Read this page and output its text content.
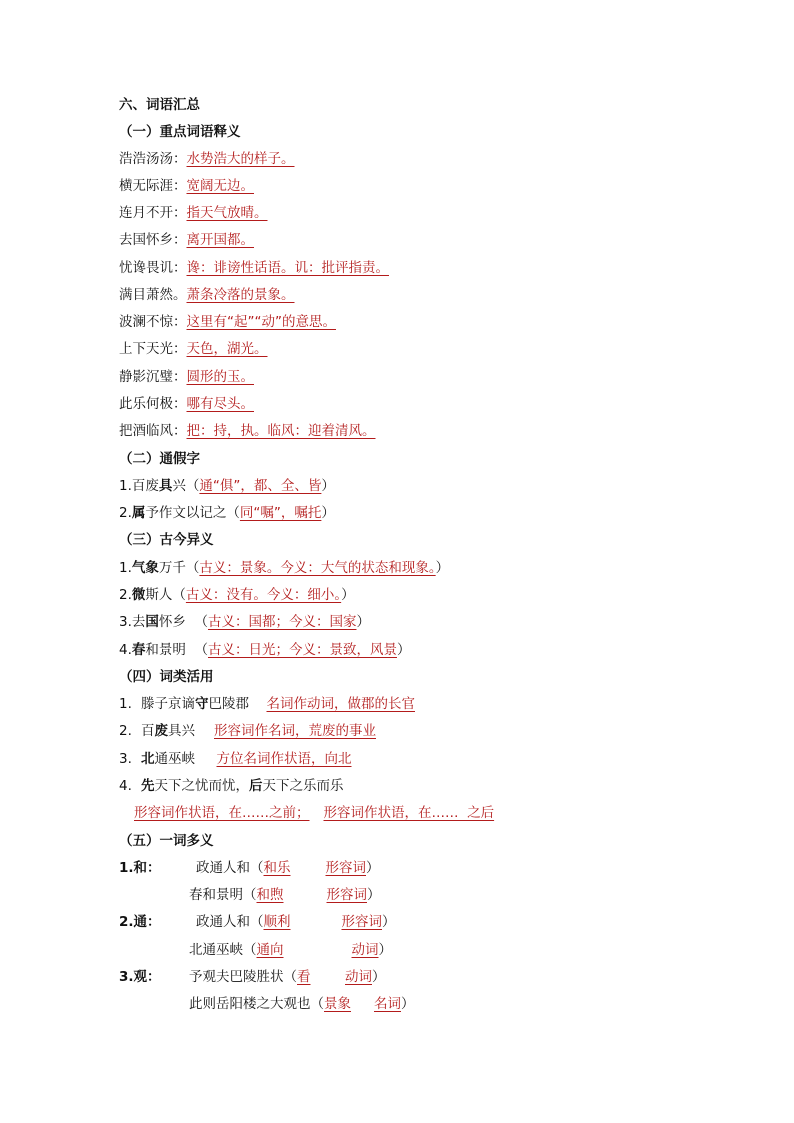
六、词语汇总
（一）重点词语释义
浩浩汤汤：水势浩大的样子。
横无际涯：宽阔无边。
连月不开：指天气放晴。
去国怀乡：离开国都。
忧谗畏讥：谗：诽谤性话语。讥：批评指责。
满目萧然。萧条冷落的景象。
波澜不惊：这里有“起”“动”的意思。
上下天光：天色，湖光。
静影沉璧：圆形的玉。
此乐何极：哪有尽头。
把酒临风：把：持，执。临风：迎着清风。
（二）通假字
1.百废具兴（通“俱”，都、全、皆）
2.属予作文以记之（同“嘱”，嘱托）
（三）古今异义
1.气象万千（古义：景象。今义：大气的状态和现象。）
2.微斯人（古义：没有。今义：细小。）
3.去国怀乡  （古义：国都；今义：国家）
4.春和景明  （古义：日光；今义：景致，风景）
（四）词类活用
1. 滕子京谪守巴陵郡 名词作动词，做郡的长官
2. 百废具兴 形容词作名词，荒废的事业
3. 北通巫峡 方位名词作状语，向北
4. 先天下之忧而忧，后天下之乐而乐
形容词作状语，在……之前； 形容词作状语，在……  之后
（五）一词多义
1.和：	政通人和（和乐	形容词）
春和景明（和煦	形容词）
2.通：	政通人和（顺利	形容词）
北通巫峡（通向	动词）
3.观： 予观夫巴陵胜状（看	动词）
此则岳阳楼之大观也（景象 名词）
